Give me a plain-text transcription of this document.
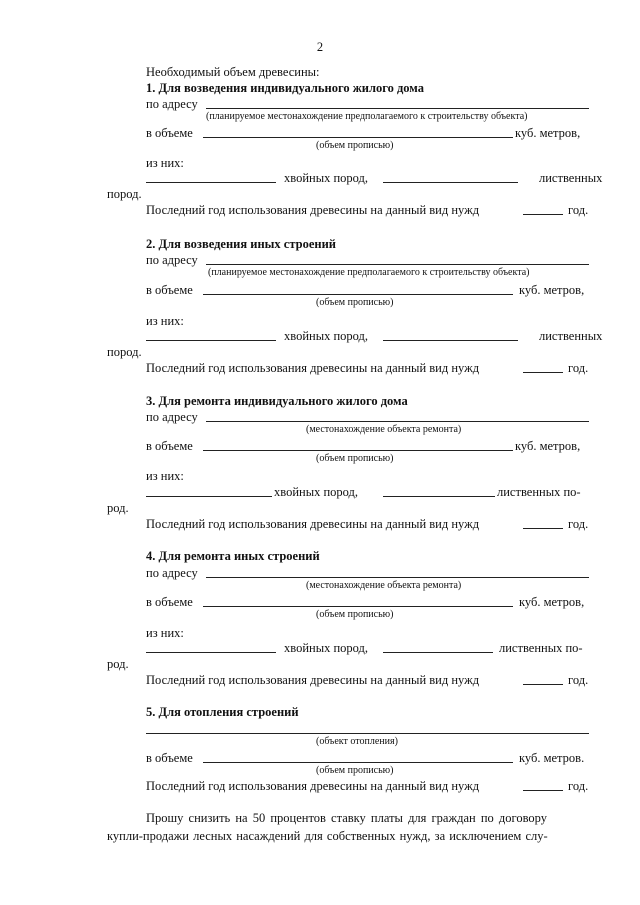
2
Необходимый объем древесины:
1. Для возведения индивидуального жилого дома
по адресу
(планируемое местонахождение предполагаемого к строительству объекта)
в объеме	куб. метров,
(объем прописью)
из них:
хвойных пород,	лиственных
пород.
Последний год использования древесины на данный вид нужд	год.
2. Для возведения иных строений
по адресу
(планируемое местонахождение предполагаемого к строительству объекта)
в объеме	куб. метров,
(объем прописью)
из них:
хвойных пород,	лиственных
пород.
Последний год использования древесины на данный вид нужд	год.
3. Для ремонта индивидуального жилого дома
по адресу
(местонахождение объекта ремонта)
в объеме	куб. метров,
(объем прописью)
из них:
хвойных пород,	лиственных по-
род.
Последний год использования древесины на данный вид нужд	год.
4. Для ремонта иных строений
по адресу
(местонахождение объекта ремонта)
в объеме	куб. метров,
(объем прописью)
из них:
хвойных пород,	лиственных по-
род.
Последний год использования древесины на данный вид нужд	год.
5. Для отопления строений
(объект отопления)
в объеме	куб. метров.
(объем прописью)
Последний год использования древесины на данный вид нужд	год.
Прошу снизить на 50 процентов ставку платы для граждан по договору
купли-продажи лесных насаждений для собственных нужд, за исключением слу-
